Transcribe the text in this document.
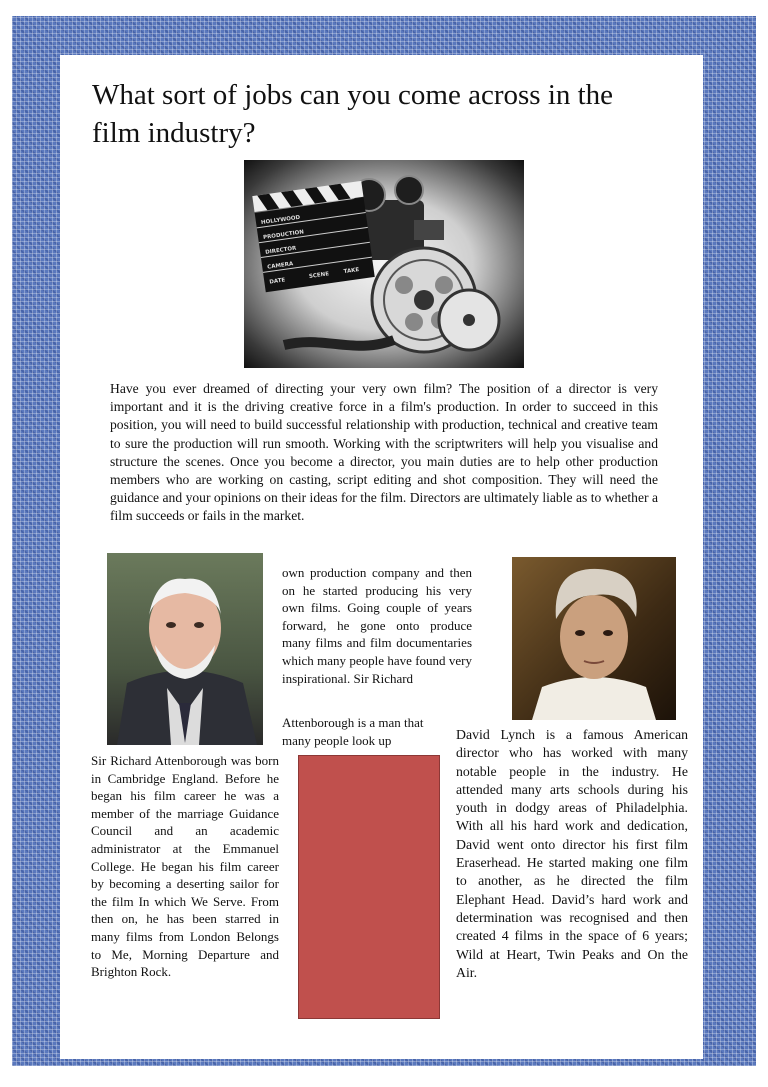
What sort of jobs can you come across in the film industry?
HOLLYWOOD
PRODUCTION
DIRECTOR
CAMERA
DATE
SCENE
TAKE

Have you ever dreamed of directing your very own film? The position of a director is very important and it is the driving creative force in a film's production. In order to succeed in this position, you will need to build successful relationship with production, technical and creative team to sure the production will run smooth. Working with the scriptwriters will help you visualise and structure the scenes. Once you become a director, you main duties are to help other production members who are working on casting, script editing and shot composition. They will need the guidance and your opinions on their ideas for the film. Directors are ultimately liable as to whether a film succeeds or fails in the market.

own production company and then on he started producing his very own films. Going couple of years forward, he gone onto produce many films and film documentaries which many people have found very inspirational. Sir Richard

Attenborough is a man that many people look up

Sir Richard Attenborough was born in Cambridge England. Before he began his film career he was a member of the marriage Guidance Council and an academic administrator at the Emmanuel College. He began his film career by becoming a deserting sailor for the film In which We Serve. From then on, he has been starred in many films from London Belongs to Me, Morning Departure and Brighton Rock.

David Lynch is a famous American director who has worked with many notable people in the industry. He attended many arts schools during his youth in dodgy areas of Philadelphia. With all his hard work and dedication, David went onto director his first film Eraserhead. He started making one film to another, as he directed the film Elephant Head. David’s hard work and determination was recognised and then created 4 films in the space of 6 years; Wild at Heart, Twin Peaks and On the Air.
